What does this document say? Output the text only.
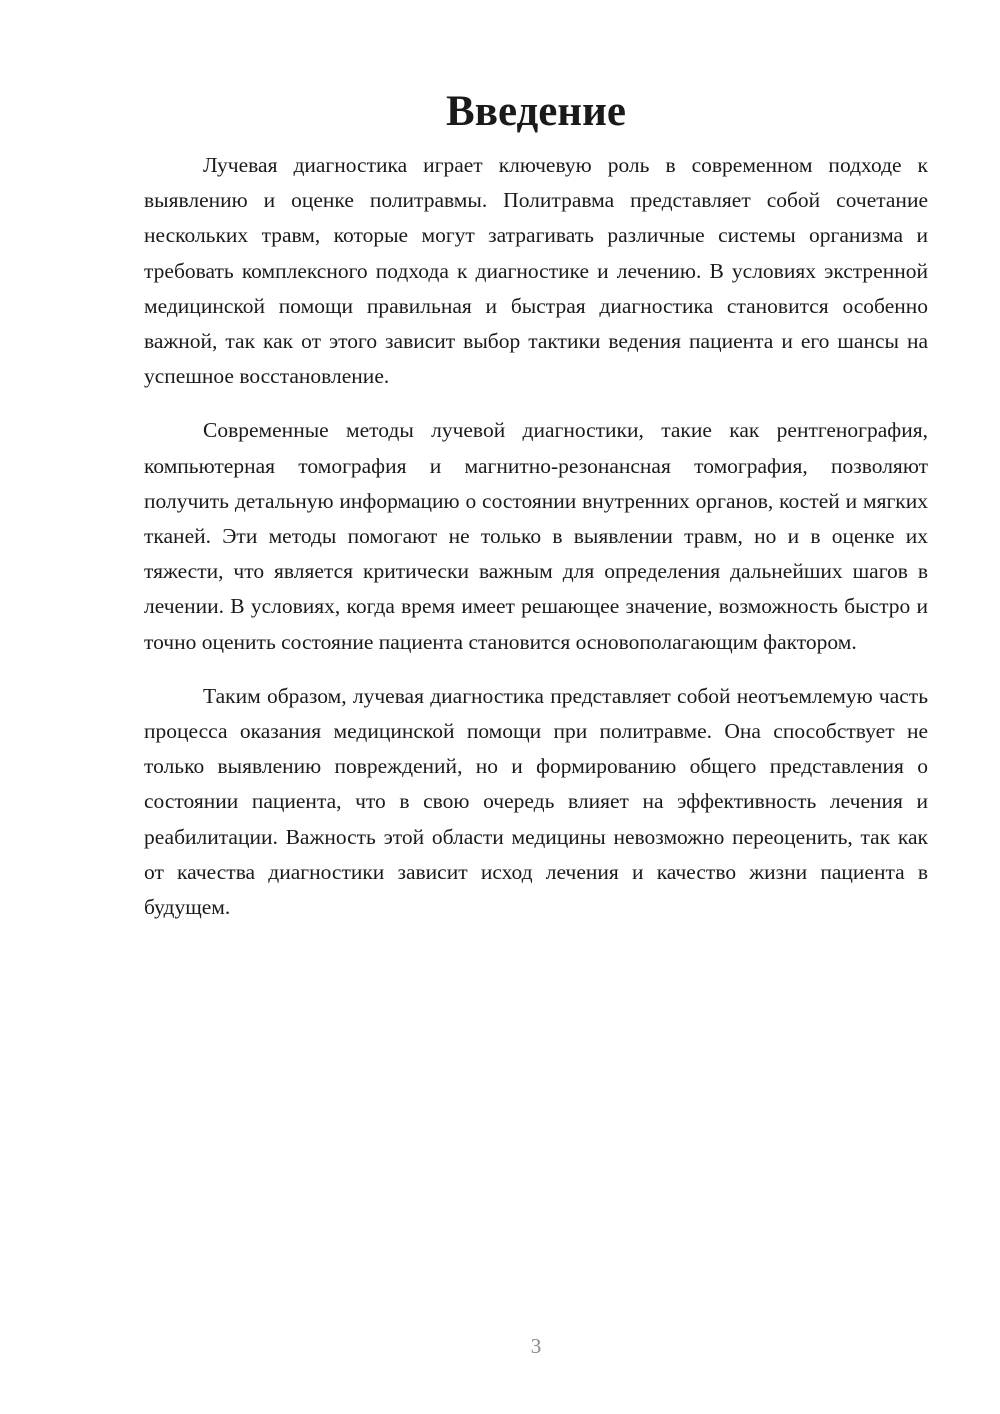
Введение

Лучевая диагностика играет ключевую роль в современном подходе к выявлению и оценке политравмы. Политравма представляет собой сочетание нескольких травм, которые могут затрагивать различные системы организма и требовать комплексного подхода к диагностике и лечению. В условиях экстренной медицинской помощи правильная и быстрая диагностика становится особенно важной, так как от этого зависит выбор тактики ведения пациента и его шансы на успешное восстановление.

Современные методы лучевой диагностики, такие как рентгенография, компьютерная томография и магнитно-резонансная томография, позволяют получить детальную информацию о состоянии внутренних органов, костей и мягких тканей. Эти методы помогают не только в выявлении травм, но и в оценке их тяжести, что является критически важным для определения дальнейших шагов в лечении. В условиях, когда время имеет решающее значение, возможность быстро и точно оценить состояние пациента становится основополагающим фактором.

Таким образом, лучевая диагностика представляет собой неотъемлемую часть процесса оказания медицинской помощи при политравме. Она способствует не только выявлению повреждений, но и формированию общего представления о состоянии пациента, что в свою очередь влияет на эффективность лечения и реабилитации. Важность этой области медицины невозможно переоценить, так как от качества диагностики зависит исход лечения и качество жизни пациента в будущем.

3
